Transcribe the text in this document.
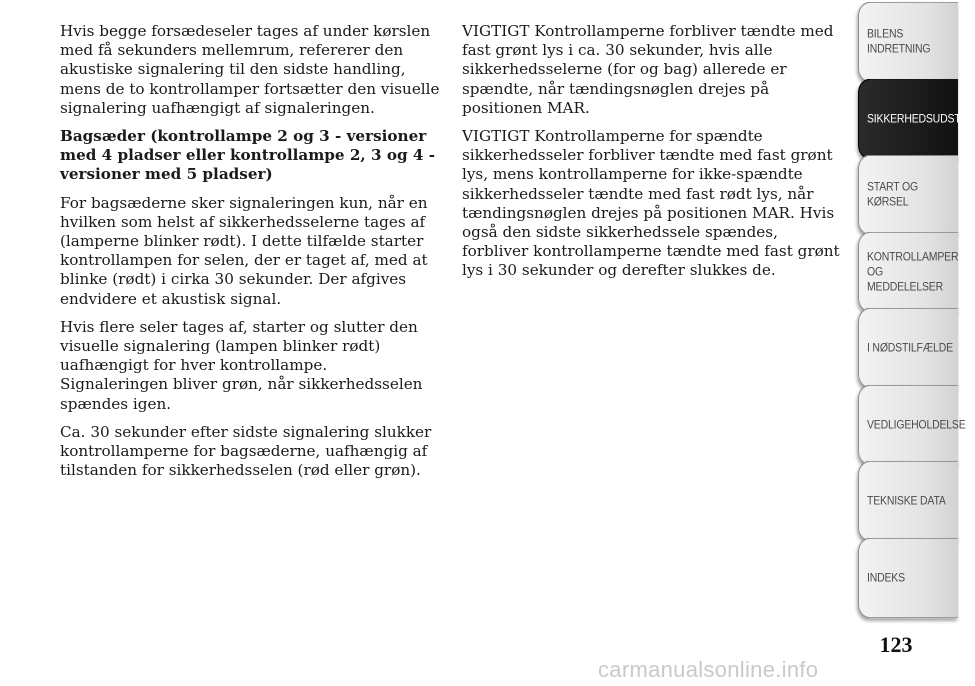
Hvis begge forsædeseler tages af under kørslen med få sekunders mellemrum, refererer den akustiske signalering til den sidste handling, mens de to kontrollamper fortsætter den visuelle signalering uafhængigt af signaleringen.

Bagsæder (kontrollampe 2 og 3 - versioner med 4 pladser eller kontrollampe 2, 3 og 4 - versioner med 5 pladser)

For bagsæderne sker signaleringen kun, når en hvilken som helst af sikkerhedsselerne tages af (lamperne blinker rødt). I dette tilfælde starter kontrollampen for selen, der er taget af, med at blinke (rødt) i cirka 30 sekunder. Der afgives endvidere et akustisk signal.

Hvis flere seler tages af, starter og slutter den visuelle signalering (lampen blinker rødt) uafhængigt for hver kontrollampe. Signaleringen bliver grøn, når sikkerhedsselen spændes igen.

Ca. 30 sekunder efter sidste signalering slukker kontrollamperne for bagsæderne, uafhængig af tilstanden for sikkerhedsselen (rød eller grøn).

VIGTIGT Kontrollamperne forbliver tændte med fast grønt lys i ca. 30 sekunder, hvis alle sikkerhedsselerne (for og bag) allerede er spændte, når tændingsnøglen drejes på positionen MAR.

VIGTIGT Kontrollamperne for spændte sikkerhedsseler forbliver tændte med fast grønt lys, mens kontrollamperne for ikke-spændte sikkerhedsseler tændte med fast rødt lys, når tændingsnøglen drejes på positionen MAR. Hvis også den sidste sikkerhedssele spændes, forbliver kontrollamperne tændte med fast grønt lys i 30 sekunder og derefter slukkes de.

BILENS
INDRETNING
SIKKERHEDSUDSTYR
START OG KØRSEL
KONTROLLAMPER
OG MEDDELELSER
I NØDSTILFÆLDE
VEDLIGEHOLDELSE
TEKNISKE DATA
INDEKS
123
carmanualsonline.info
